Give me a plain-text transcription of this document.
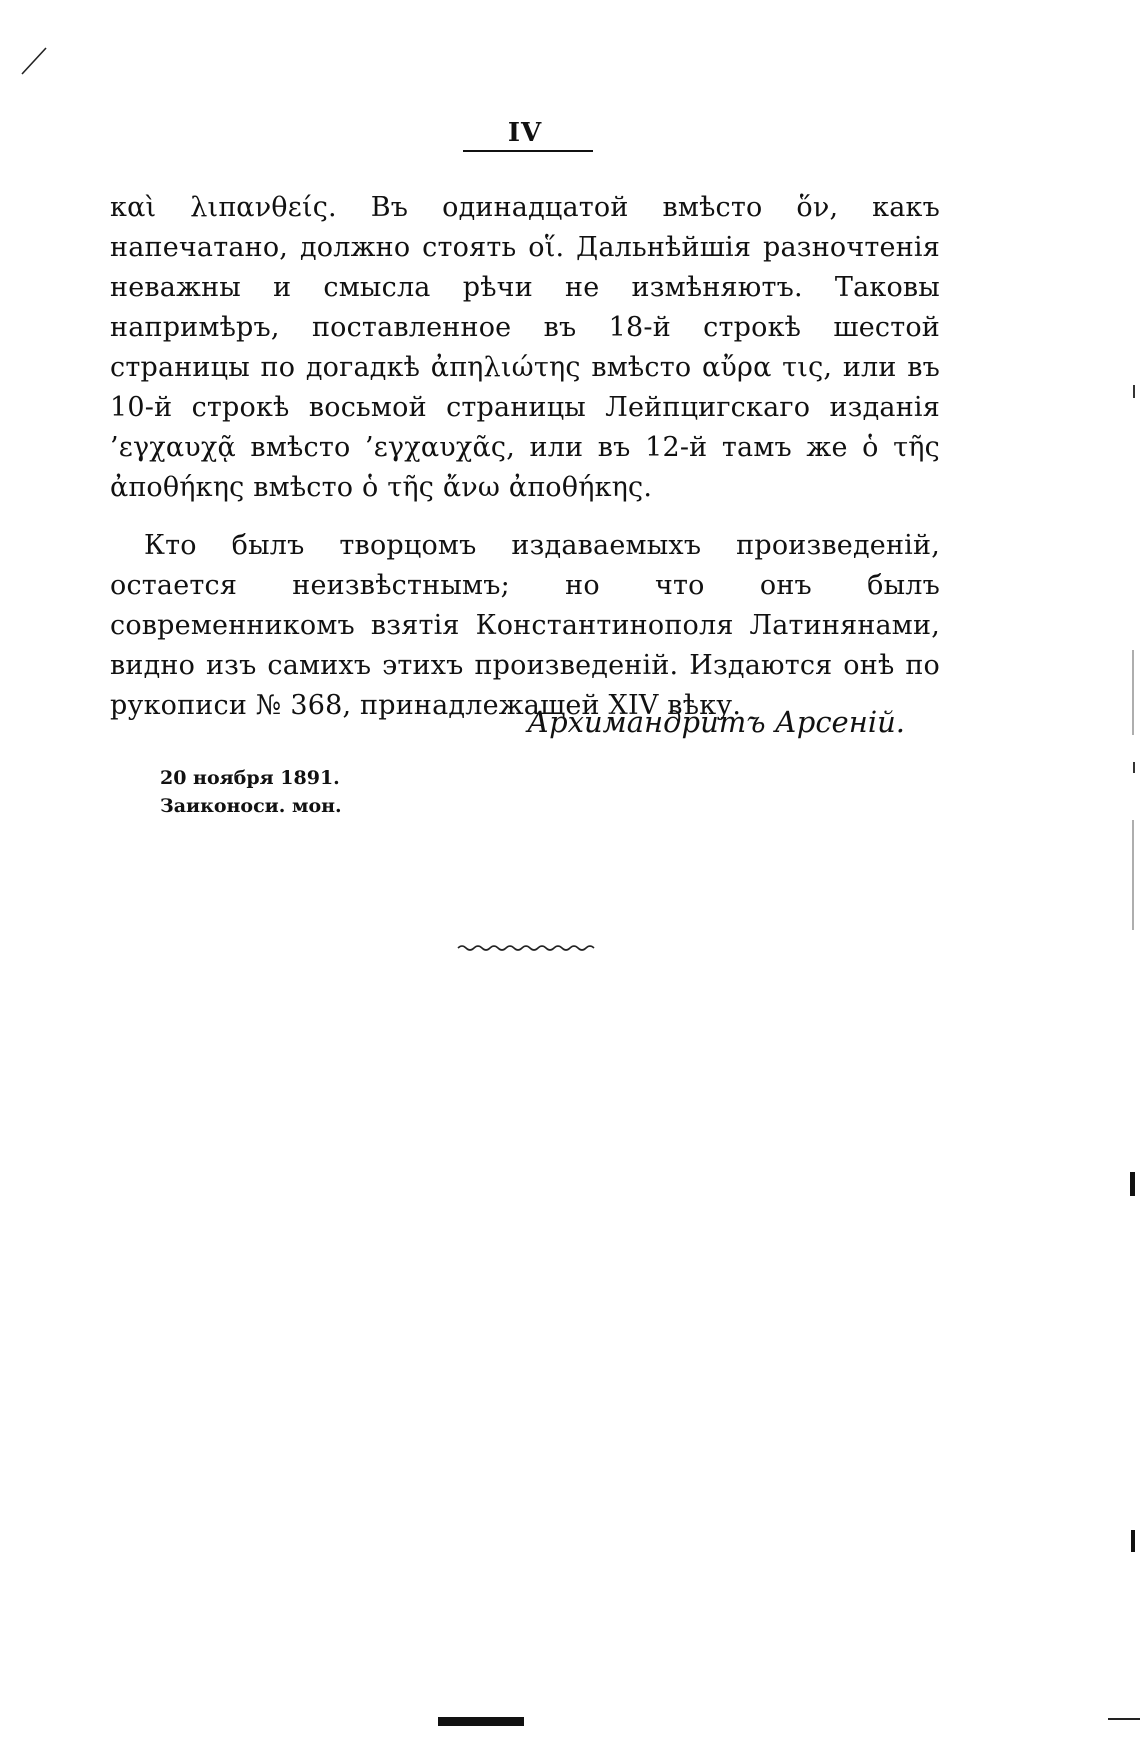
IV

καὶ λιπανθείς. Въ одинадцатой вмѣсто ὅν, какъ напечатано, должно стоять οἵ. Дальнѣйшія разночтенія неважны и смысла рѣчи не измѣняютъ. Таковы напримѣръ, поставленное въ 18-й строкѣ шестой страницы по догадкѣ ἀπηλιώτης вмѣсто αὔρα τις, или въ 10-й строкѣ восьмой страницы Лейпцигскаго изданія ’εγχαυχᾷ вмѣсто ’εγχαυχᾶς, или въ 12-й тамъ же ὁ τῆς ἀποθήκης вмѣсто ὁ τῆς ἄνω ἀποθήκης.

Кто былъ творцомъ издаваемыхъ произведеній, остается неизвѣстнымъ; но что онъ былъ современникомъ взятія Константинополя Латинянами, видно изъ самихъ этихъ произведеній. Издаются онѣ по рукописи № 368, принадлежащей XIV вѣку.

Архимандритъ Арсеній.
20 ноября 1891.
Заиконоси. мон.
